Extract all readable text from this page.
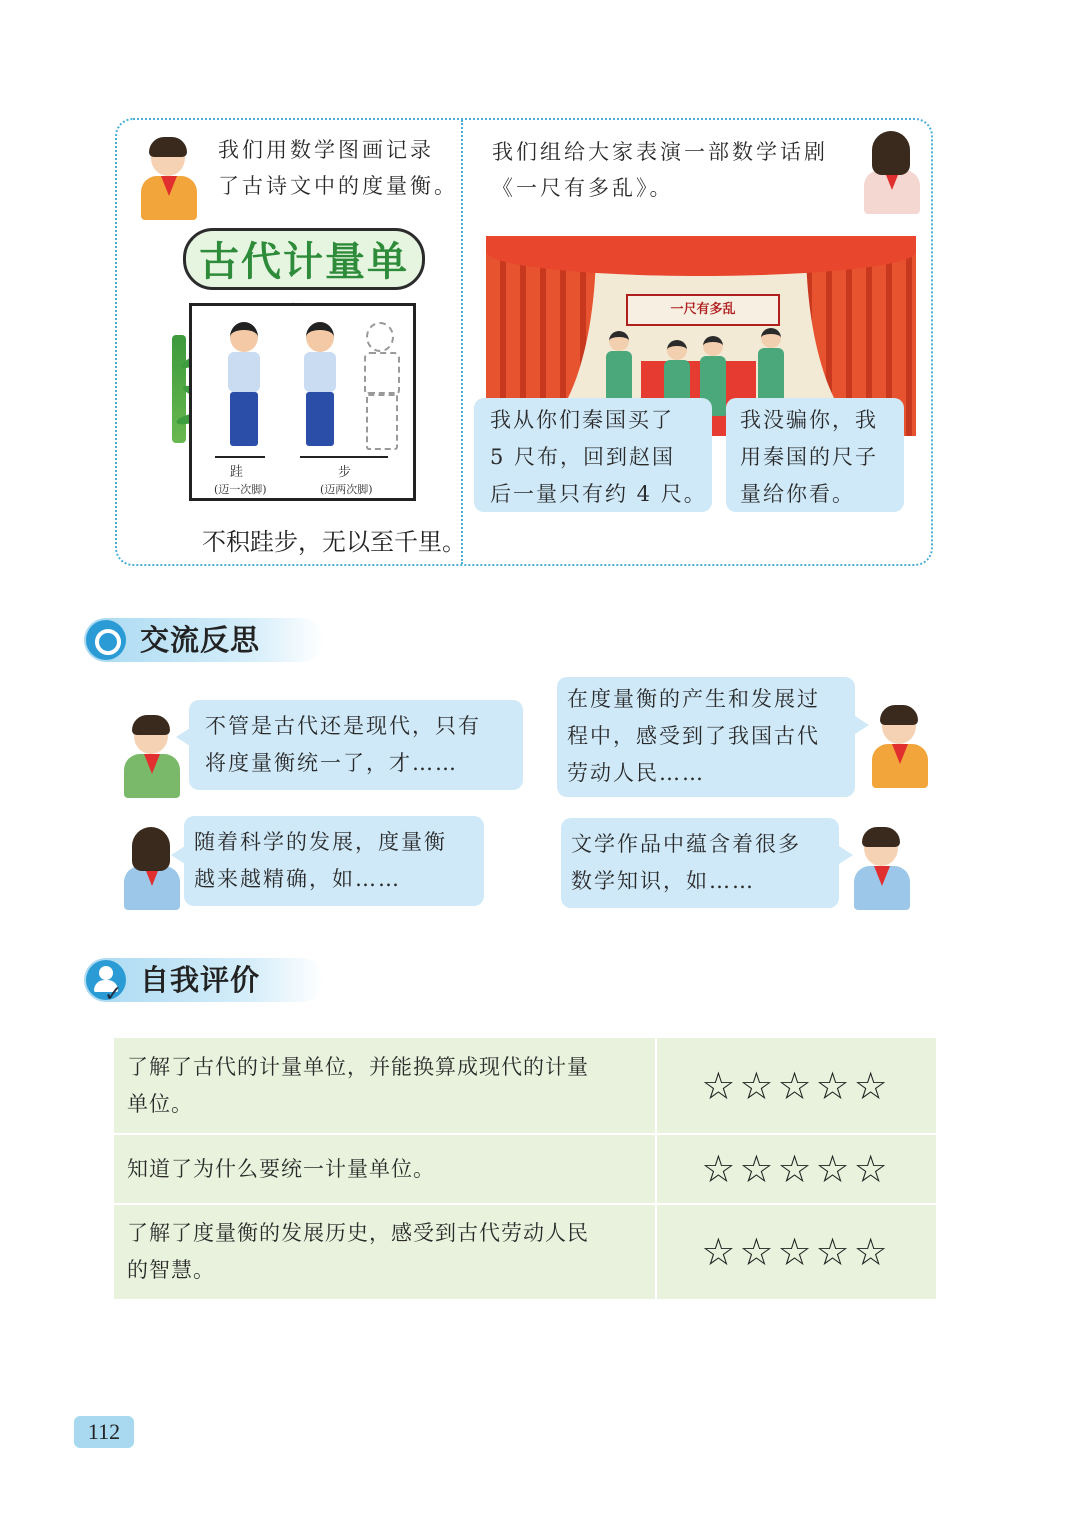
我们用数学图画记录
了古诗文中的度量衡。
古代计量单
跬
(迈一次脚)
步
(迈两次脚)
不积跬步，无以至千里。
我们组给大家表演一部数学话剧
《一尺有多乱》。
一尺有多乱
我从你们秦国买了
5 尺布，回到赵国
后一量只有约 4 尺。
我没骗你，我
用秦国的尺子
量给你看。
交流反思
不管是古代还是现代，只有
将度量衡统一了，才……
在度量衡的产生和发展过
程中，感受到了我国古代
劳动人民……
随着科学的发展，度量衡
越来越精确，如……
文学作品中蕴含着很多
数学知识，如……
✓ 自我评价
了解了古代的计量单位，并能换算成现代的计量
单位。	☆☆☆☆☆

知道了为什么要统一计量单位。	☆☆☆☆☆

了解了度量衡的发展历史，感受到古代劳动人民
的智慧。	☆☆☆☆☆
112
